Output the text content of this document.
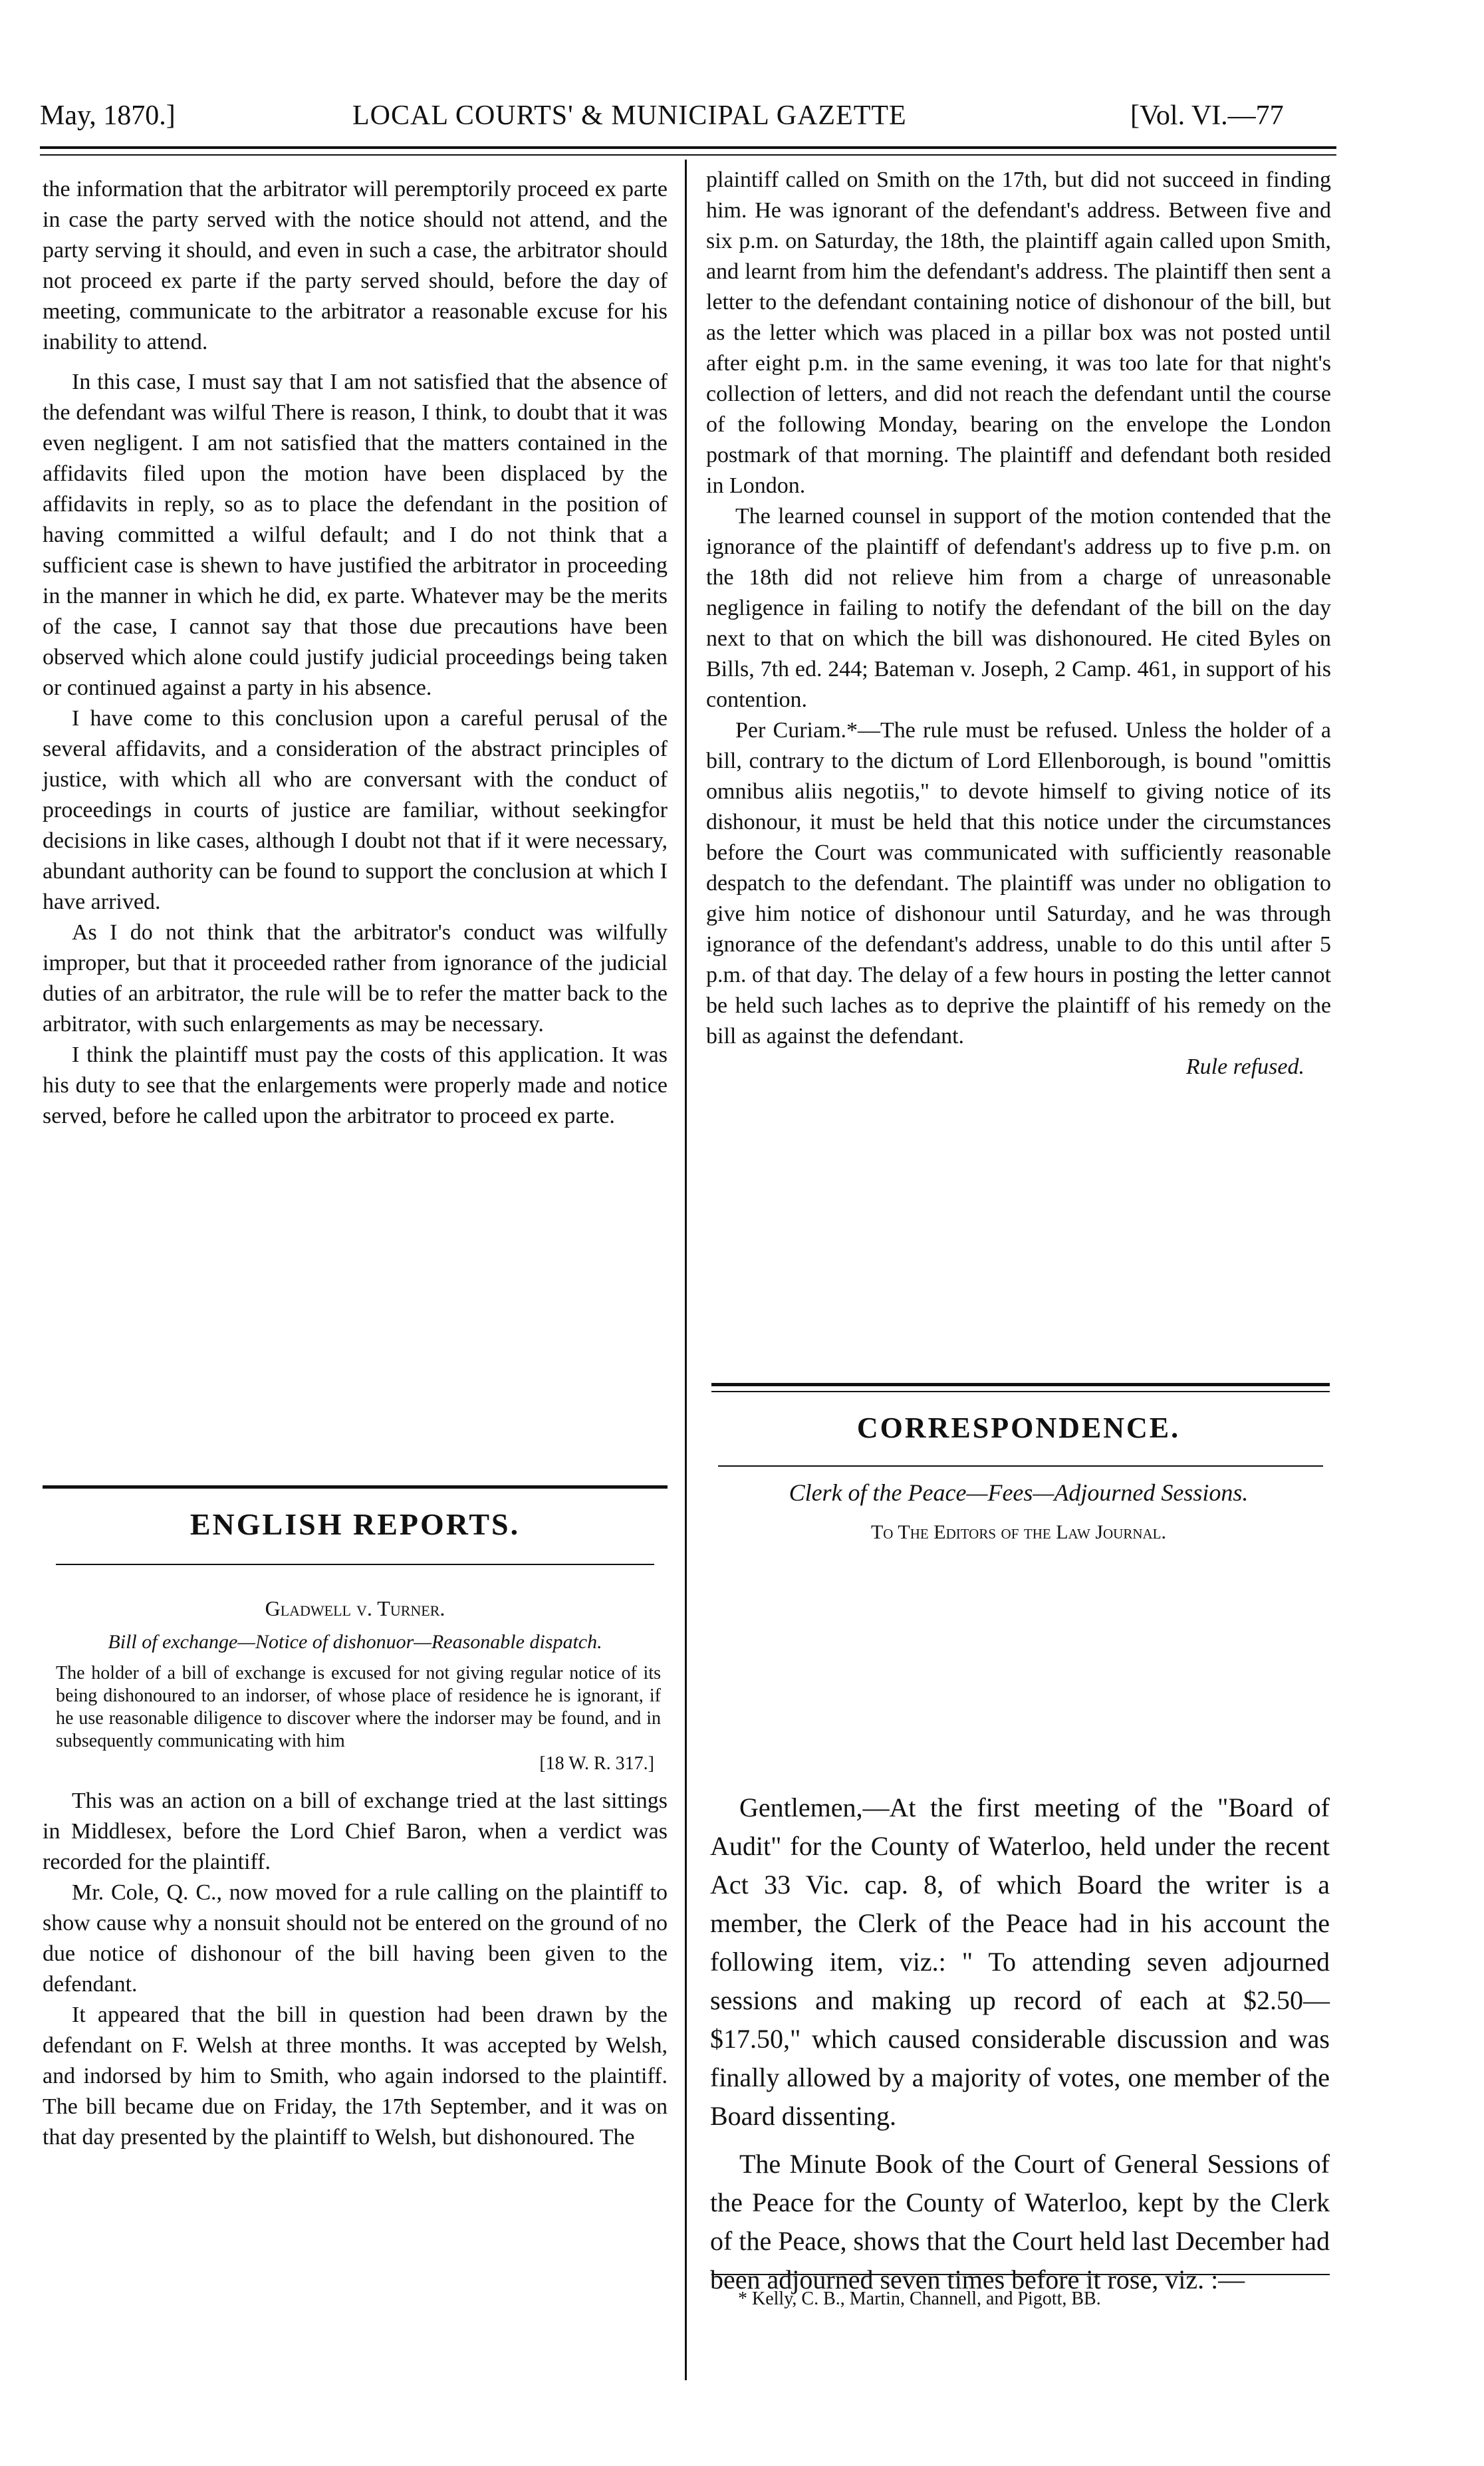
May, 1870.]	LOCAL COURTS' & MUNICIPAL GAZETTE	[Vol. VI.—77

the information that the arbitrator will peremptorily proceed ex parte in case the party served with the notice should not attend, and the party serving it should, and even in such a case, the arbitrator should not proceed ex parte if the party served should, before the day of meeting, communicate to the arbitrator a reasonable excuse for his inability to attend.

In this case, I must say that I am not satisfied that the absence of the defendant was wilful There is reason, I think, to doubt that it was even negligent. I am not satisfied that the matters contained in the affidavits filed upon the motion have been displaced by the affidavits in reply, so as to place the defendant in the position of having committed a wilful default; and I do not think that a sufficient case is shewn to have justified the arbitrator in proceeding in the manner in which he did, ex parte. Whatever may be the merits of the case, I cannot say that those due precautions have been observed which alone could justify judicial proceedings being taken or continued against a party in his absence.

I have come to this conclusion upon a careful perusal of the several affidavits, and a consideration of the abstract principles of justice, with which all who are conversant with the conduct of proceedings in courts of justice are familiar, without seekingfor decisions in like cases, although I doubt not that if it were necessary, abundant authority can be found to support the conclusion at which I have arrived.

As I do not think that the arbitrator's conduct was wilfully improper, but that it proceeded rather from ignorance of the judicial duties of an arbitrator, the rule will be to refer the matter back to the arbitrator, with such enlargements as may be necessary.

I think the plaintiff must pay the costs of this application. It was his duty to see that the enlargements were properly made and notice served, before he called upon the arbitrator to proceed ex parte.

ENGLISH REPORTS.

Gladwell v. Turner.

Bill of exchange—Notice of dishonuor—Reasonable dispatch.

The holder of a bill of exchange is excused for not giving regular notice of its being dishonoured to an indorser, of whose place of residence he is ignorant, if he use reasonable diligence to discover where the indorser may be found, and in subsequently communicating with him

[18 W. R. 317.]

This was an action on a bill of exchange tried at the last sittings in Middlesex, before the Lord Chief Baron, when a verdict was recorded for the plaintiff.

Mr. Cole, Q. C., now moved for a rule calling on the plaintiff to show cause why a nonsuit should not be entered on the ground of no due notice of dishonour of the bill having been given to the defendant.

It appeared that the bill in question had been drawn by the defendant on F. Welsh at three months. It was accepted by Welsh, and indorsed by him to Smith, who again indorsed to the plaintiff. The bill became due on Friday, the 17th September, and it was on that day presented by the plaintiff to Welsh, but dishonoured. The

plaintiff called on Smith on the 17th, but did not succeed in finding him. He was ignorant of the defendant's address. Between five and six p.m. on Saturday, the 18th, the plaintiff again called upon Smith, and learnt from him the defendant's address. The plaintiff then sent a letter to the defendant containing notice of dishonour of the bill, but as the letter which was placed in a pillar box was not posted until after eight p.m. in the same evening, it was too late for that night's collection of letters, and did not reach the defendant until the course of the following Monday, bearing on the envelope the London postmark of that morning. The plaintiff and defendant both resided in London.

The learned counsel in support of the motion contended that the ignorance of the plaintiff of defendant's address up to five p.m. on the 18th did not relieve him from a charge of unreasonable negligence in failing to notify the defendant of the bill on the day next to that on which the bill was dishonoured. He cited Byles on Bills, 7th ed. 244; Bateman v. Joseph, 2 Camp. 461, in support of his contention.

Per Curiam.*—The rule must be refused. Unless the holder of a bill, contrary to the dictum of Lord Ellenborough, is bound "omittis omnibus aliis negotiis," to devote himself to giving notice of its dishonour, it must be held that this notice under the circumstances before the Court was communicated with sufficiently reasonable despatch to the defendant. The plaintiff was under no obligation to give him notice of dishonour until Saturday, and he was through ignorance of the defendant's address, unable to do this until after 5 p.m. of that day. The delay of a few hours in posting the letter cannot be held such laches as to deprive the plaintiff of his remedy on the bill as against the defendant.

Rule refused.

CORRESPONDENCE.

Clerk of the Peace—Fees—Adjourned Sessions.

To The Editors of the Law Journal.

Gentlemen,—At the first meeting of the "Board of Audit" for the County of Waterloo, held under the recent Act 33 Vic. cap. 8, of which Board the writer is a member, the Clerk of the Peace had in his account the following item, viz.: " To attending seven adjourned sessions and making up record of each at $2.50—$17.50," which caused considerable discussion and was finally allowed by a majority of votes, one member of the Board dissenting.

The Minute Book of the Court of General Sessions of the Peace for the County of Waterloo, kept by the Clerk of the Peace, shows that the Court held last December had been adjourned seven times before it rose, viz. :—

* Kelly, C. B., Martin, Channell, and Pigott, BB.
